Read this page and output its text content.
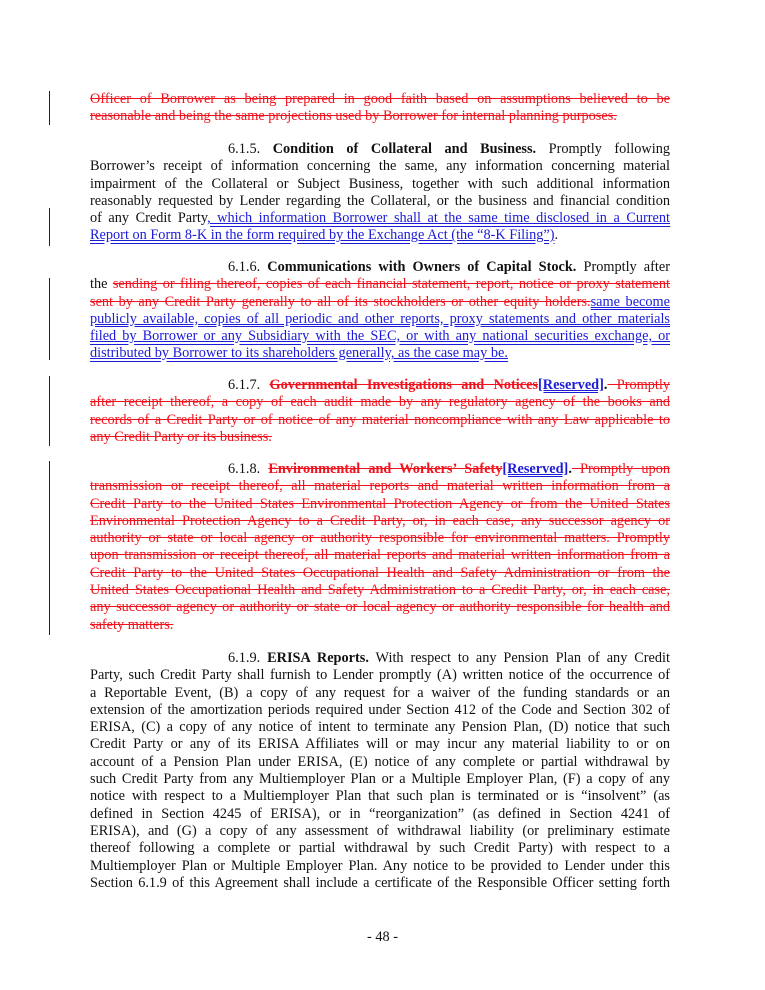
Officer of Borrower as being prepared in good faith based on assumptions believed to be
reasonable and being the same projections used by Borrower for internal planning purposes.
6.1.5. Condition of Collateral and Business. Promptly following
Borrower’s receipt of information concerning the same, any information concerning material
impairment of the Collateral or Subject Business, together with such additional information
reasonably requested by Lender regarding the Collateral, or the business and financial condition
of any Credit Party, which information Borrower shall at the same time disclosed in a Current
Report on Form 8-K in the form required by the Exchange Act (the “8-K Filing”).
6.1.6. Communications with Owners of Capital Stock. Promptly after
the sending or filing thereof, copies of each financial statement, report, notice or proxy statement
sent by any Credit Party generally to all of its stockholders or other equity holders.same become
publicly available, copies of all periodic and other reports, proxy statements and other materials
filed by Borrower or any Subsidiary with the SEC, or with any national securities exchange, or
distributed by Borrower to its shareholders generally, as the case may be.
6.1.7. Governmental Investigations and Notices[Reserved]. Promptly
after receipt thereof, a copy of each audit made by any regulatory agency of the books and
records of a Credit Party or of notice of any material noncompliance with any Law applicable to
any Credit Party or its business.
6.1.8. Environmental and Workers’ Safety[Reserved]. Promptly upon
transmission or receipt thereof, all material reports and material written information from a
Credit Party to the United States Environmental Protection Agency or from the United States
Environmental Protection Agency to a Credit Party, or, in each case, any successor agency or
authority or state or local agency or authority responsible for environmental matters. Promptly
upon transmission or receipt thereof, all material reports and material written information from a
Credit Party to the United States Occupational Health and Safety Administration or from the
United States Occupational Health and Safety Administration to a Credit Party, or, in each case,
any successor agency or authority or state or local agency or authority responsible for health and
safety matters.
6.1.9. ERISA Reports. With respect to any Pension Plan of any Credit
Party, such Credit Party shall furnish to Lender promptly (A) written notice of the occurrence of
a Reportable Event, (B) a copy of any request for a waiver of the funding standards or an
extension of the amortization periods required under Section 412 of the Code and Section 302 of
ERISA, (C) a copy of any notice of intent to terminate any Pension Plan, (D) notice that such
Credit Party or any of its ERISA Affiliates will or may incur any material liability to or on
account of a Pension Plan under ERISA, (E) notice of any complete or partial withdrawal by
such Credit Party from any Multiemployer Plan or a Multiple Employer Plan, (F) a copy of any
notice with respect to a Multiemployer Plan that such plan is terminated or is “insolvent” (as
defined in Section 4245 of ERISA), or in “reorganization” (as defined in Section 4241 of
ERISA), and (G) a copy of any assessment of withdrawal liability (or preliminary estimate
thereof following a complete or partial withdrawal by such Credit Party) with respect to a
Multiemployer Plan or Multiple Employer Plan. Any notice to be provided to Lender under this
Section 6.1.9 of this Agreement shall include a certificate of the Responsible Officer setting forth
- 48 -
